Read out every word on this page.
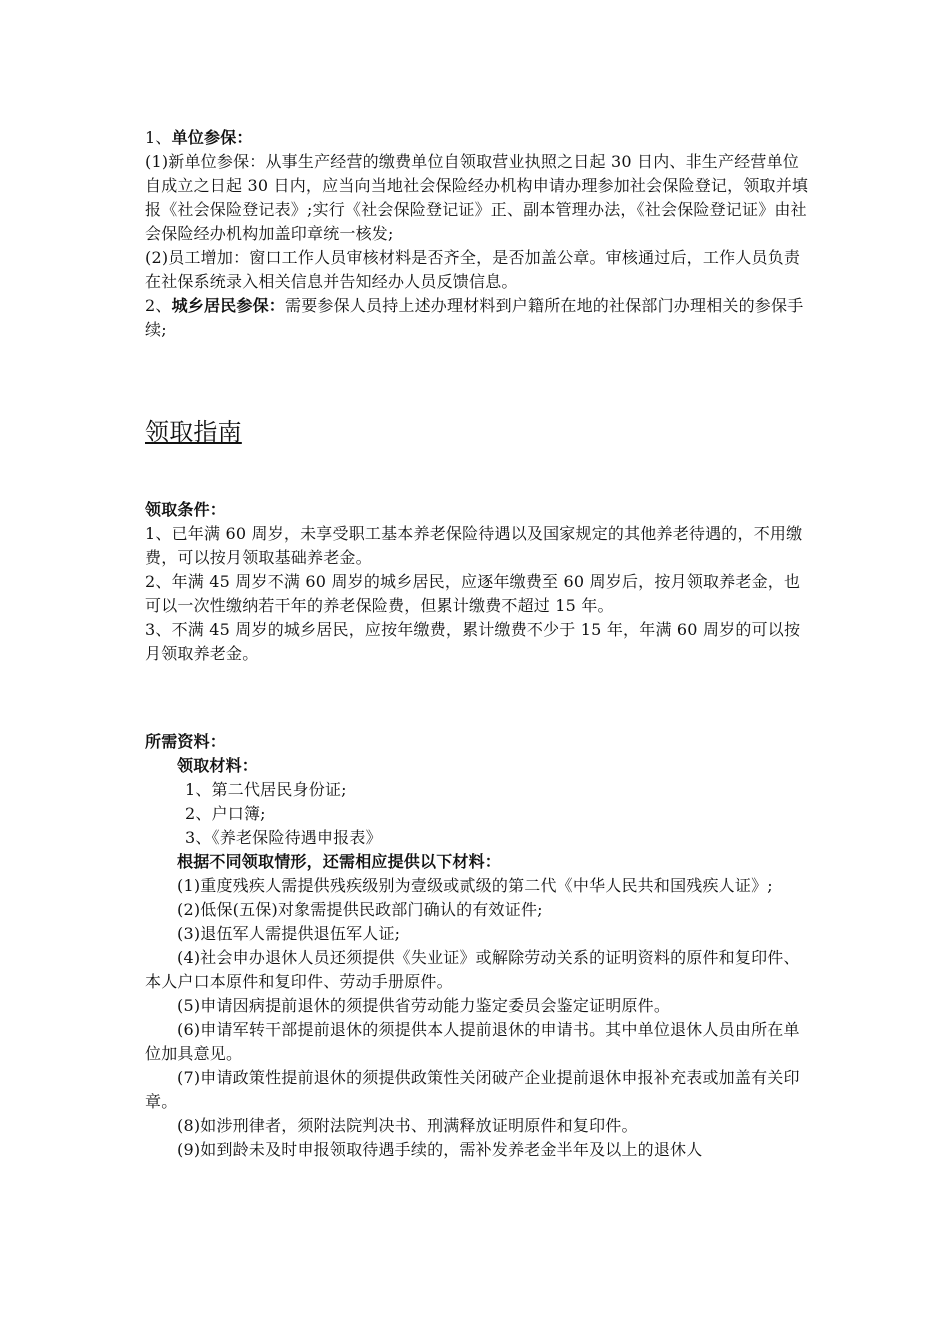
1、单位参保：

(1)新单位参保：从事生产经营的缴费单位自领取营业执照之日起 30 日内、非生产经营单位自成立之日起 30 日内，应当向当地社会保险经办机构申请办理参加社会保险登记，领取并填报《社会保险登记表》;实行《社会保险登记证》正、副本管理办法，《社会保险登记证》由社会保险经办机构加盖印章统一核发;

(2)员工增加：窗口工作人员审核材料是否齐全，是否加盖公章。审核通过后，工作人员负责在社保系统录入相关信息并告知经办人员反馈信息。

2、城乡居民参保：需要参保人员持上述办理材料到户籍所在地的社保部门办理相关的参保手续;

领取指南

领取条件：

1、已年满 60 周岁，未享受职工基本养老保险待遇以及国家规定的其他养老待遇的，不用缴费，可以按月领取基础养老金。

2、年满 45 周岁不满 60 周岁的城乡居民，应逐年缴费至 60 周岁后，按月领取养老金，也可以一次性缴纳若干年的养老保险费，但累计缴费不超过 15 年。

3、不满 45 周岁的城乡居民，应按年缴费，累计缴费不少于 15 年，年满 60 周岁的可以按月领取养老金。

所需资料：

领取材料：

1、第二代居民身份证;

2、户口簿;

3、《养老保险待遇申报表》

根据不同领取情形，还需相应提供以下材料：

(1)重度残疾人需提供残疾级别为壹级或贰级的第二代《中华人民共和国残疾人证》;

(2)低保(五保)对象需提供民政部门确认的有效证件;

(3)退伍军人需提供退伍军人证;

(4)社会申办退休人员还须提供《失业证》或解除劳动关系的证明资料的原件和复印件、本人户口本原件和复印件、劳动手册原件。

(5)申请因病提前退休的须提供省劳动能力鉴定委员会鉴定证明原件。

(6)申请军转干部提前退休的须提供本人提前退休的申请书。其中单位退休人员由所在单位加具意见。

(7)申请政策性提前退休的须提供政策性关闭破产企业提前退休申报补充表或加盖有关印章。

(8)如涉刑律者，须附法院判决书、刑满释放证明原件和复印件。

(9)如到龄未及时申报领取待遇手续的，需补发养老金半年及以上的退休人
